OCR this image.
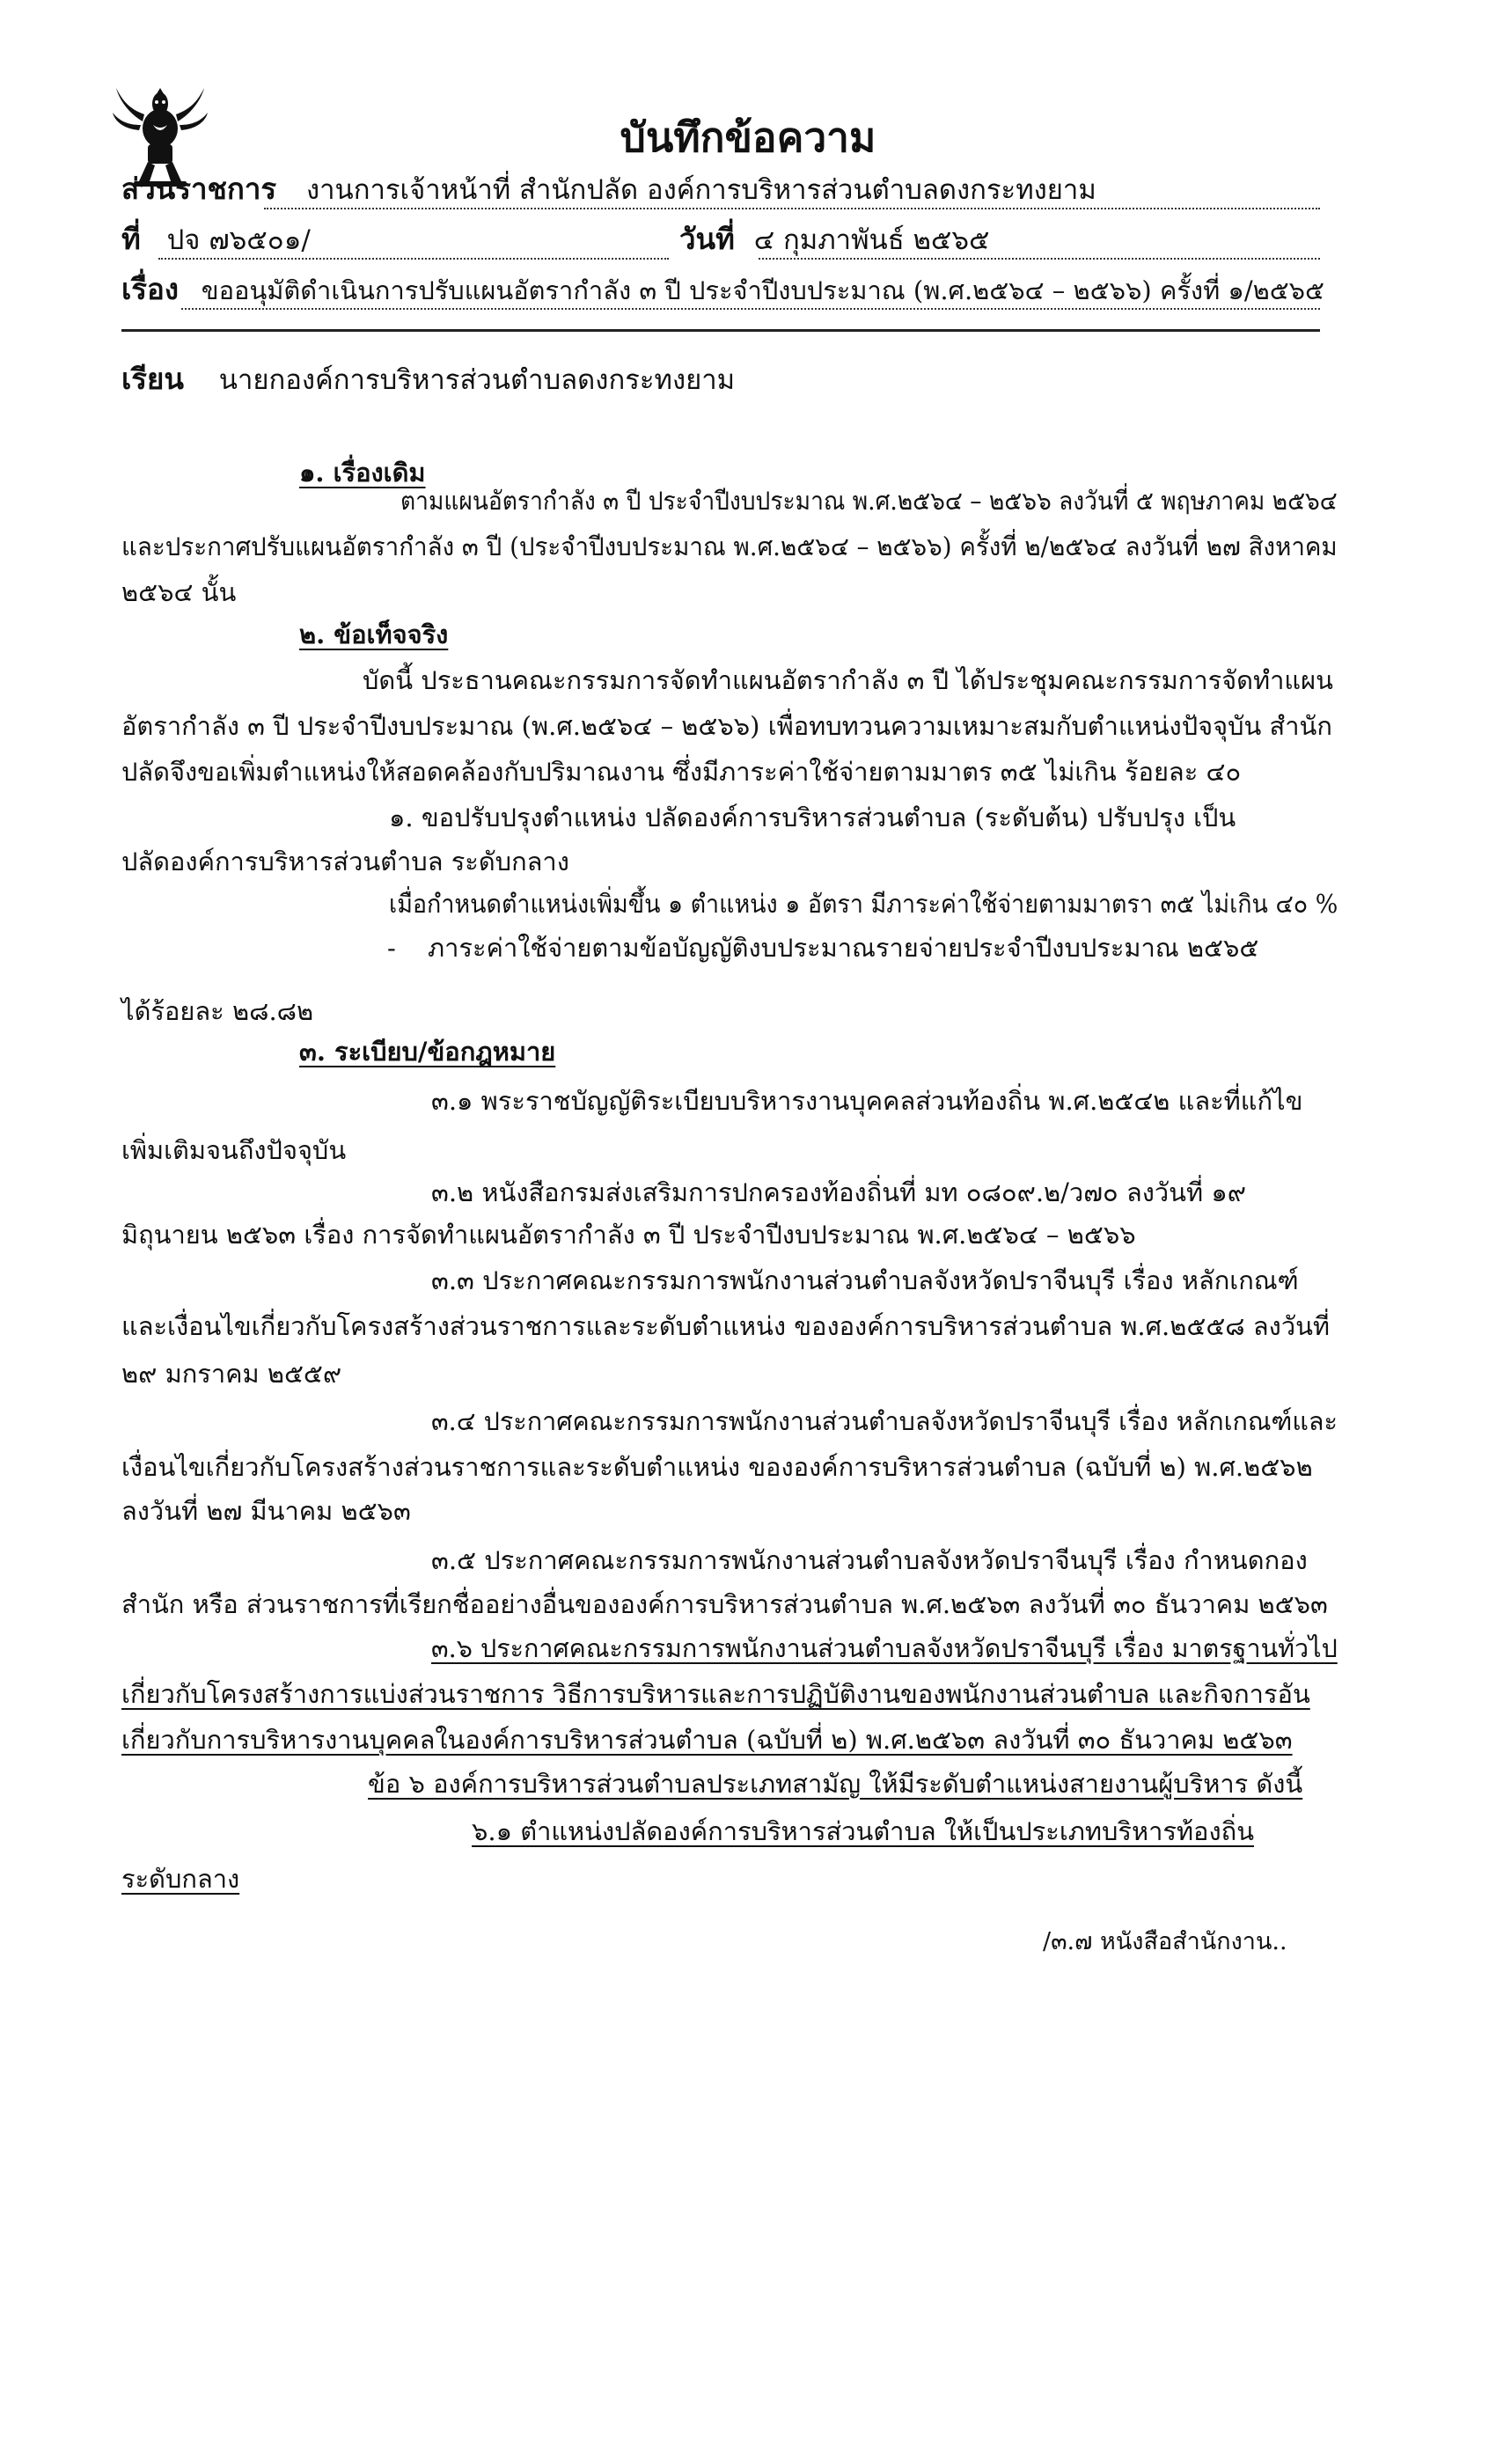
บันทึกข้อความ
ส่วนราชการ งานการเจ้าหน้าที่ สำนักปลัด องค์การบริหารส่วนตำบลดงกระทงยาม
ที่ ปจ ๗๖๕๐๑/	วันที่ ๔ กุมภาพันธ์ ๒๕๖๕
เรื่อง ขออนุมัติดำเนินการปรับแผนอัตรากำลัง ๓ ปี ประจำปีงบประมาณ (พ.ศ.๒๕๖๔ – ๒๕๖๖) ครั้งที่ ๑/๒๕๖๕
เรียน นายกองค์การบริหารส่วนตำบลดงกระทงยาม
๑. เรื่องเดิม
ตามแผนอัตรากำลัง ๓ ปี ประจำปีงบประมาณ พ.ศ.๒๕๖๔ – ๒๕๖๖ ลงวันที่ ๕ พฤษภาคม ๒๕๖๔
และประกาศปรับแผนอัตรากำลัง ๓ ปี (ประจำปีงบประมาณ พ.ศ.๒๕๖๔ – ๒๕๖๖) ครั้งที่ ๒/๒๕๖๔ ลงวันที่ ๒๗ สิงหาคม
๒๕๖๔ นั้น
๒. ข้อเท็จจริง
บัดนี้ ประธานคณะกรรมการจัดทำแผนอัตรากำลัง ๓ ปี ได้ประชุมคณะกรรมการจัดทำแผน
อัตรากำลัง ๓ ปี ประจำปีงบประมาณ (พ.ศ.๒๕๖๔ – ๒๕๖๖) เพื่อทบทวนความเหมาะสมกับตำแหน่งปัจจุบัน สำนัก
ปลัดจึงขอเพิ่มตำแหน่งให้สอดคล้องกับปริมาณงาน ซึ่งมีภาระค่าใช้จ่ายตามมาตร ๓๕ ไม่เกิน ร้อยละ ๔๐
๑. ขอปรับปรุงตำแหน่ง ปลัดองค์การบริหารส่วนตำบล (ระดับต้น) ปรับปรุง เป็น
ปลัดองค์การบริหารส่วนตำบล ระดับกลาง
เมื่อกำหนดตำแหน่งเพิ่มขึ้น ๑ ตำแหน่ง ๑ อัตรา มีภาระค่าใช้จ่ายตามมาตรา ๓๕ ไม่เกิน ๔๐ %
- ภาระค่าใช้จ่ายตามข้อบัญญัติงบประมาณรายจ่ายประจำปีงบประมาณ ๒๕๖๕
ได้ร้อยละ ๒๘.๘๒
๓. ระเบียบ/ข้อกฎหมาย
๓.๑ พระราชบัญญัติระเบียบบริหารงานบุคคลส่วนท้องถิ่น พ.ศ.๒๕๔๒ และที่แก้ไข
เพิ่มเติมจนถึงปัจจุบัน
๓.๒ หนังสือกรมส่งเสริมการปกครองท้องถิ่นที่ มท ๐๘๐๙.๒/ว๗๐ ลงวันที่ ๑๙
มิถุนายน ๒๕๖๓ เรื่อง การจัดทำแผนอัตรากำลัง ๓ ปี ประจำปีงบประมาณ พ.ศ.๒๕๖๔ – ๒๕๖๖
๓.๓ ประกาศคณะกรรมการพนักงานส่วนตำบลจังหวัดปราจีนบุรี เรื่อง หลักเกณฑ์
และเงื่อนไขเกี่ยวกับโครงสร้างส่วนราชการและระดับตำแหน่ง ขององค์การบริหารส่วนตำบล พ.ศ.๒๕๕๘ ลงวันที่
๒๙ มกราคม ๒๕๕๙
๓.๔ ประกาศคณะกรรมการพนักงานส่วนตำบลจังหวัดปราจีนบุรี เรื่อง หลักเกณฑ์และ
เงื่อนไขเกี่ยวกับโครงสร้างส่วนราชการและระดับตำแหน่ง ขององค์การบริหารส่วนตำบล (ฉบับที่ ๒) พ.ศ.๒๕๖๒
ลงวันที่ ๒๗ มีนาคม ๒๕๖๓
๓.๕ ประกาศคณะกรรมการพนักงานส่วนตำบลจังหวัดปราจีนบุรี เรื่อง กำหนดกอง
สำนัก หรือ ส่วนราชการที่เรียกชื่ออย่างอื่นขององค์การบริหารส่วนตำบล พ.ศ.๒๕๖๓ ลงวันที่ ๓๐ ธันวาคม ๒๕๖๓
๓.๖ ประกาศคณะกรรมการพนักงานส่วนตำบลจังหวัดปราจีนบุรี เรื่อง มาตรฐานทั่วไป
เกี่ยวกับโครงสร้างการแบ่งส่วนราชการ วิธีการบริหารและการปฏิบัติงานของพนักงานส่วนตำบล และกิจการอัน
เกี่ยวกับการบริหารงานบุคคลในองค์การบริหารส่วนตำบล (ฉบับที่ ๒) พ.ศ.๒๕๖๓ ลงวันที่ ๓๐ ธันวาคม ๒๕๖๓
ข้อ ๖ องค์การบริหารส่วนตำบลประเภทสามัญ ให้มีระดับตำแหน่งสายงานผู้บริหาร ดังนี้
๖.๑ ตำแหน่งปลัดองค์การบริหารส่วนตำบล ให้เป็นประเภทบริหารท้องถิ่น
ระดับกลาง
/๓.๗ หนังสือสำนักงาน..
